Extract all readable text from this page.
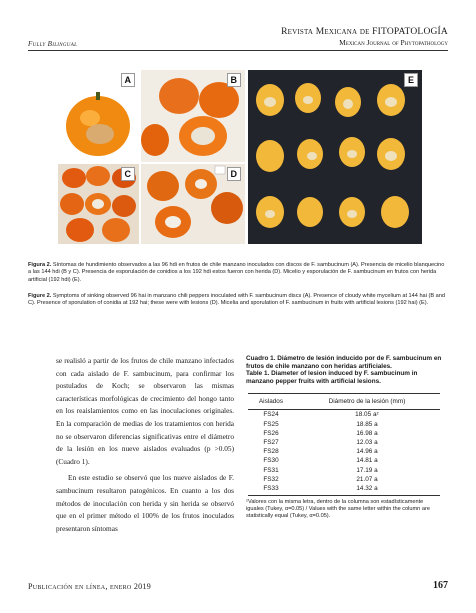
Fully Bilingual
Revista Mexicana de FITOPATOLOGÍA
Mexican Journal of Phytopathology
A	B
C	D
E
Figura 2. Síntomas de hundimiento observados a las 96 hdi en frutos de chile manzano inoculados con discos de F. sambucinum (A). Presencia de micelio blanquecino a las 144 hdi (B y C). Presencia de esporulación de conidios a los 192 hdi estos fueron con herida (D). Micelio y esporulación de F. sambucinum en frutos con herida artificial (192 hdi) (E).
Figure 2. Symptoms of sinking observed 96 hai in manzano chili peppers inoculated with F. sambucinum discs (A). Presence of cloudy white mycelium at 144 hai (B and C). Presence of sporulation of conidia at 192 hai; these were with lesions (D). Micelia and sporulation of F. sambucinum in fruits with artificial lesions (192 hai) (E).

se realisló a partir de los frutos de chile manzano infectados con cada aislado de F. sambucinum, para confirmar los postulados de Koch; se observaron las mismas características morfológicas de crecimiento del hongo tanto en los reaislamientos como en las inoculaciones originales. En la comparación de medias de los tratamientos con herida no se observaron diferencias significativas entre el diámetro de la lesión en los nueve aislados evaluados (p >0.05) (Cuadro 1).

En este estudio se observó que los nueve aislados de F. sambucinum resultaron patogénicos. En cuanto a los dos métodos de inoculación con herida y sin herida se observó que en el primer método el 100% de los frutos inoculados presentaron síntomas

Cuadro 1. Diámetro de lesión inducido por de F. sambucinum en frutos de chile manzano con heridas artificiales.
Table 1. Diameter of lesion induced by F. sambucinum in manzano pepper fruits with artificial lesions.
Aislados	Diámetro de la lesión (mm)
FS24	18.05 aᶻ
FS25	18.85 a
FS26	16.98 a
FS27	12.03 a
FS28	14.96 a
FS30	14.81 a
FS31	17.19 a
FS32	21.07 a
FS33	14.32 a
ᶻValores con la misma letra, dentro de la columna son estadísticamente iguales (Tukey, α=0.05) / Values with the same letter within the column are statistically equal (Tukey, α=0.05).
Publicación en línea, enero 2019	167
